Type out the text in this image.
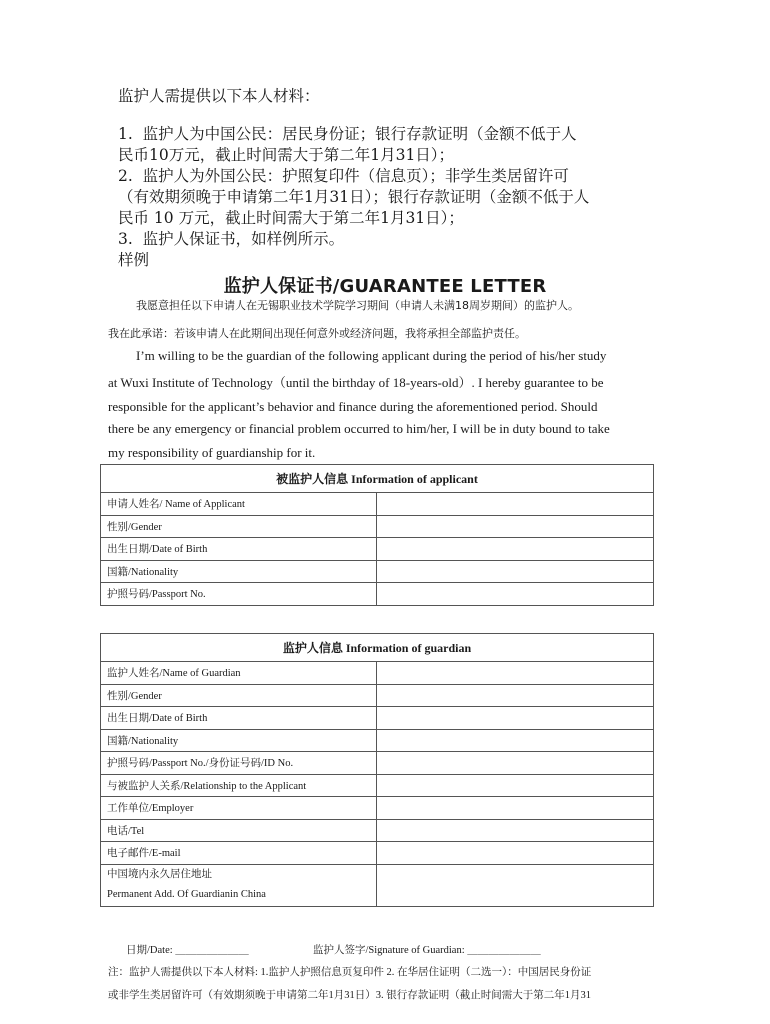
监护人需提供以下本人材料：
1.  监护人为中国公民：居民身份证；银行存款证明（金额不低于人
民币10万元，截止时间需大于第二年1月31日）；
2.  监护人为外国公民：护照复印件（信息页）；非学生类居留许可
（有效期须晚于申请第二年1月31日）；银行存款证明（金额不低于人
民币 10 万元，截止时间需大于第二年1月31日）；
3.  监护人保证书，如样例所示。
样例
监护人保证书/GUARANTEE LETTER
我愿意担任以下申请人在无锡职业技术学院学习期间（申请人未满18周岁期间）的监护人。
我在此承诺：若该申请人在此期间出现任何意外或经济问题，我将承担全部监护责任。
I’m willing to be the guardian of the following applicant during the period of his/her study
at Wuxi Institute of Technology（until the birthday of 18-years-old）. I hereby guarantee to be
responsible for the applicant’s behavior and finance during the aforementioned period. Should
there be any emergency or financial problem occurred to him/her, I will be in duty bound to take
my responsibility of guardianship for it.
被监护人信息 Information of applicant	
申请人姓名/ Name of Applicant	
性别/Gender	
出生日期/Date of Birth	
国籍/Nationality	
护照号码/Passport No.	
监护人信息 Information of guardian	
监护人姓名/Name of Guardian	
性别/Gender	
出生日期/Date of Birth	
国籍/Nationality	
护照号码/Passport No./身份证号码/ID No.	
与被监护人关系/Relationship to the Applicant	
工作单位/Employer	
电话/Tel	
电子邮件/E-mail	

中国境内永久居住地址
Permanent Add. Of Guardianin China	

日期/Date: ＿＿＿＿＿＿＿	监护人签字/Signature of Guardian: ＿＿＿＿＿＿＿
注：监护人需提供以下本人材料: 1.监护人护照信息页复印件 2. 在华居住证明（二选一）：中国居民身份证
或非学生类居留许可（有效期须晚于申请第二年1月31日）3. 银行存款证明（截止时间需大于第二年1月31
